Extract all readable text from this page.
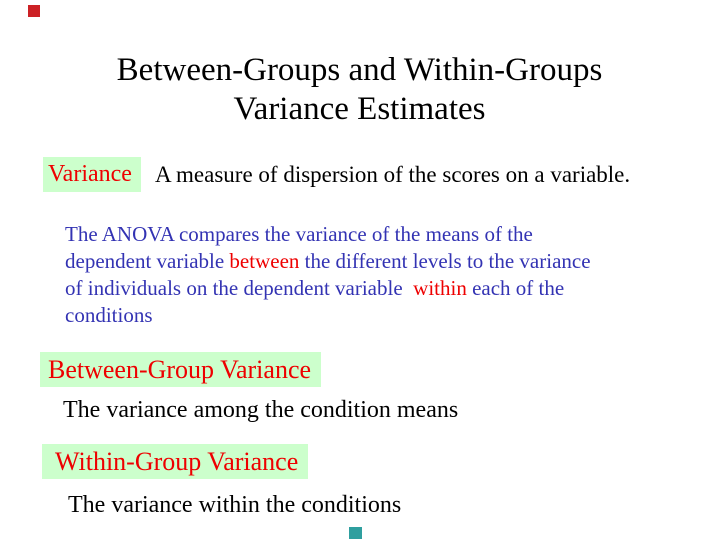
Between-Groups and Within-Groups
Variance Estimates
Variance	A measure of dispersion of the scores on a variable.
The ANOVA compares the variance of the means of the
dependent variable between the different levels to the variance
of individuals on the dependent variable  within each of the
conditions
Between-Group Variance
The variance among the condition means
Within-Group Variance
The variance within the conditions
